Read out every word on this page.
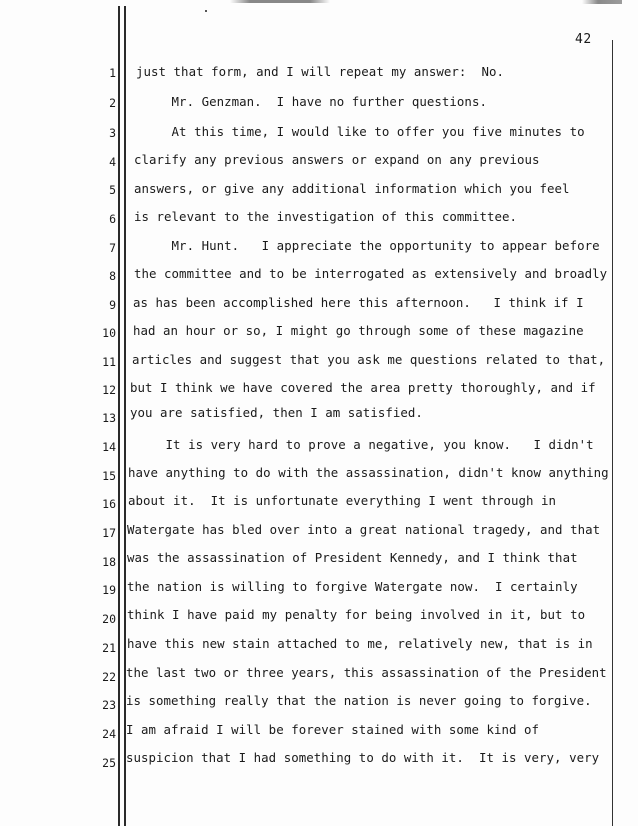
42
1
2
3
4
5
6
7
8
9
10
11
12
13
14
15
16
17
18
19
20
21
22
23
24
25
just that form, and I will repeat my answer:  No.
Mr. Genzman.  I have no further questions.
At this time, I would like to offer you five minutes to
clarify any previous answers or expand on any previous
answers, or give any additional information which you feel
is relevant to the investigation of this committee.
Mr. Hunt.   I appreciate the opportunity to appear before
the committee and to be interrogated as extensively and broadly
as has been accomplished here this afternoon.   I think if I
had an hour or so, I might go through some of these magazine
articles and suggest that you ask me questions related to that,
but I think we have covered the area pretty thoroughly, and if
you are satisfied, then I am satisfied.
It is very hard to prove a negative, you know.   I didn't
have anything to do with the assassination, didn't know anything
about it.  It is unfortunate everything I went through in
Watergate has bled over into a great national tragedy, and that
was the assassination of President Kennedy, and I think that
the nation is willing to forgive Watergate now.  I certainly
think I have paid my penalty for being involved in it, but to
have this new stain attached to me, relatively new, that is in
the last two or three years, this assassination of the President
is something really that the nation is never going to forgive.
I am afraid I will be forever stained with some kind of
suspicion that I had something to do with it.  It is very, very
